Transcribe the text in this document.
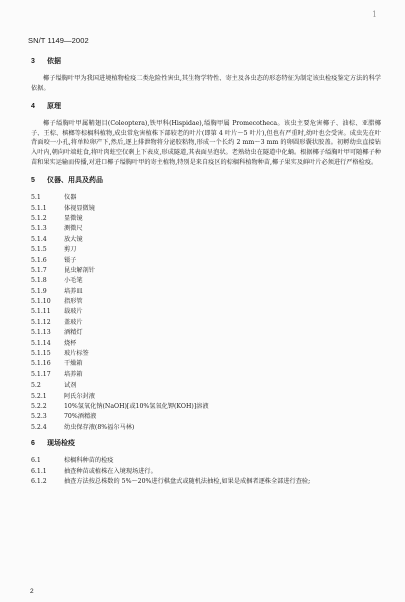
1
SN/T 1149—2002
3 依据
椰子缢胸叶甲为我国进境植物检疫二类危险性害虫,其生物学特性、寄主及各虫态的形态特征为制定该虫检疫鉴定方法的科学依据。
4 原理
椰子缢胸叶甲属鞘翅目(Coleoptera),铁甲科(Hispidae),缢胸甲属 Promecotheca。该虫主要危害椰子、油棕、亚腊椰子、王棕、槟榔等棕榈科植物,成虫常危害植株下部较老的叶片(即第 4 叶片～5 叶片),但也有严重时,幼叶也会受害。成虫先在叶背面咬一小孔,将单粒卵产下,然后,逐上排泄物将分泌胶粘物,形成一个长约 2 mm～3 mm 的卵圆形囊状胶盖。初孵幼虫直接钻入叶内,朝向叶端蛀食,将叶肉蛀空仅剩上下表皮,形成隧道,其表面呈泡状。老熟幼虫在隧道中化蛹。根据椰子缢胸叶甲可随椰子种苗和果实运输而传播,对进口椰子缢胸叶甲的寄主植物,特别是来自疫区的棕榈科植物种苗,椰子果实及鲜叶片必须进行严格检疫。
5 仪器、用具及药品
5.1	仪器
5.1.1	体视显微镜
5.1.2	显微镜
5.1.3	测微尺
5.1.4	放大镜
5.1.5	剪刀
5.1.6	镊子
5.1.7	昆虫解剖针
5.1.8	小毛笔
5.1.9	培养皿
5.1.10 指形管
5.1.11 载玻片
5.1.12 盖玻片
5.1.13 酒精灯
5.1.14 烧杯
5.1.15 玻片标签
5.1.16 干燥箱
5.1.17 培养箱
5.2	试剂
5.2.1	阿氏尔封液
5.2.2	10%氢氧化钠(NaOH)[或10%氢氧化钾(KOH)]溶液
5.2.3	70%酒精液
5.2.4	幼虫保存液(8%福尔马林)
6 现场检疫
6.1	棕榈科种苗的检疫
6.1.1	抽查种苗或植株在入境现场进行。
6.1.2	抽查方法按总株数的 5%～20%进行棋盘式或随机法抽检,如果是成捆者逐株全部进行查验;
2
